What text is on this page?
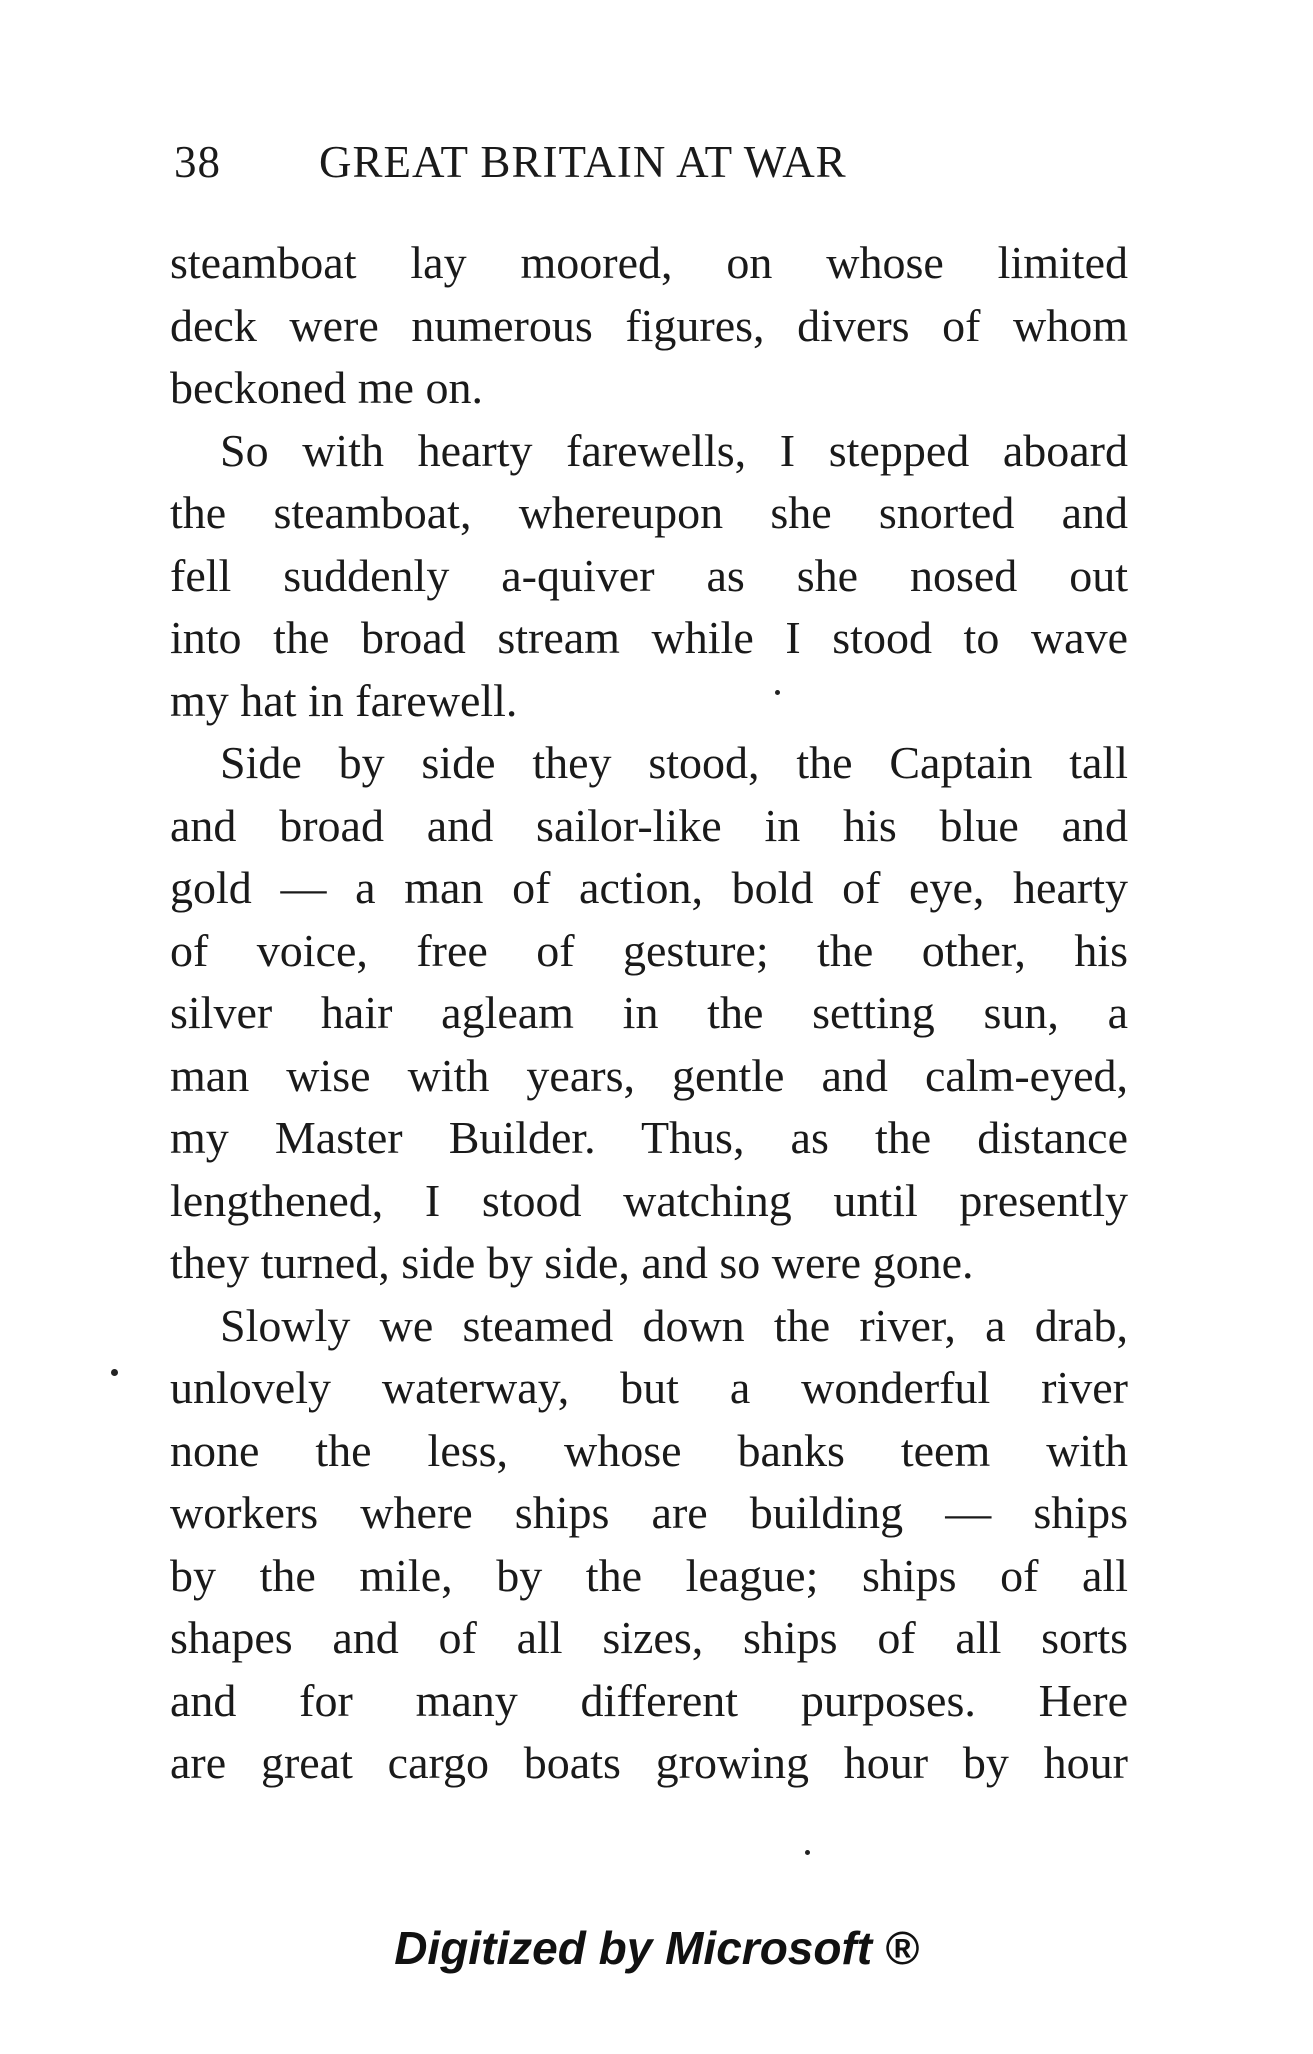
38 GREAT BRITAIN AT WAR
steamboat lay moored, on whose limited
deck were numerous figures, divers of whom
beckoned me on.
So with hearty farewells, I stepped aboard
the steamboat, whereupon she snorted and
fell suddenly a-quiver as she nosed out
into the broad stream while I stood to wave
my hat in farewell.
Side by side they stood, the Captain tall
and broad and sailor-like in his blue and
gold — a man of action, bold of eye, hearty
of voice, free of gesture; the other, his
silver hair agleam in the setting sun, a
man wise with years, gentle and calm-eyed,
my Master Builder. Thus, as the distance
lengthened, I stood watching until presently
they turned, side by side, and so were gone.
Slowly we steamed down the river, a drab,
unlovely waterway, but a wonderful river
none the less, whose banks teem with
workers where ships are building — ships
by the mile, by the league; ships of all
shapes and of all sizes, ships of all sorts
and for many different purposes. Here
are great cargo boats growing hour by hour
Digitized by Microsoft ®
